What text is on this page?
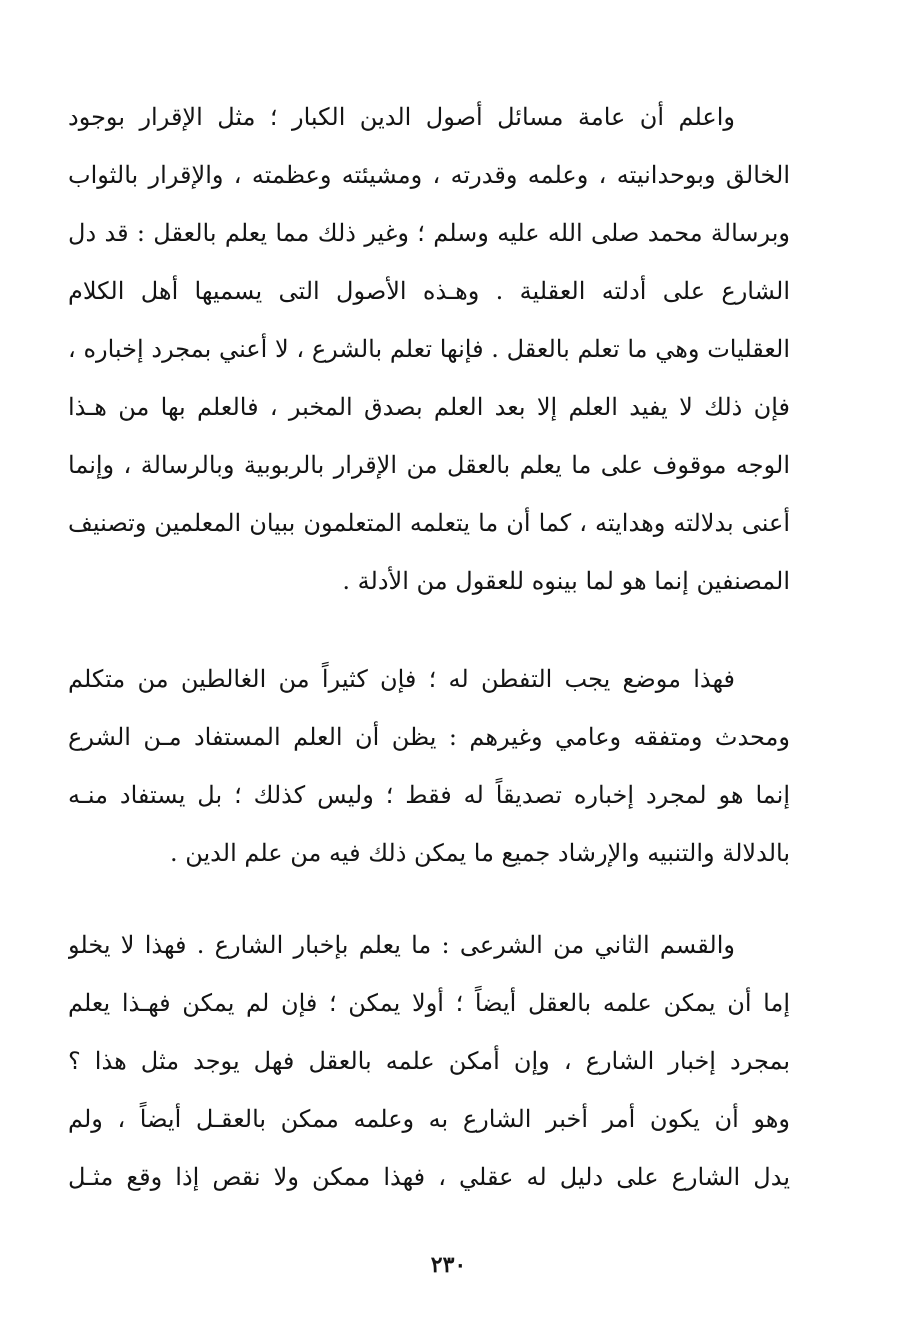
واعلم أن عامة مسائل أصول الدين الكبار ؛ مثل الإقرار بوجود
الخالق وبوحدانيته ، وعلمه وقدرته ، ومشيئته وعظمته ، والإقرار بالثواب
وبرسالة محمد صلى الله عليه وسلم ؛ وغير ذلك مما يعلم بالعقل : قد دل
الشارع على أدلته العقلية . وهـذه الأصول التى يسميها أهل الكلام
العقليات وهي ما تعلم بالعقل . فإنها تعلم بالشرع ، لا أعني بمجرد إخباره ،
فإن ذلك لا يفيد العلم إلا بعد العلم بصدق المخبر ، فالعلم بها من هـذا
الوجه موقوف على ما يعلم بالعقل من الإقرار بالربوبية وبالرسالة ، وإنما
أعنى بدلالته وهدايته ، كما أن ما يتعلمه المتعلمون ببيان المعلمين وتصنيف
المصنفين إنما هو لما بينوه للعقول من الأدلة .
فهذا موضع يجب التفطن له ؛ فإن كثيراً من الغالطين من متكلم
ومحدث ومتفقه وعامي وغيرهم : يظن أن العلم المستفاد مـن الشرع
إنما هو لمجرد إخباره تصديقاً له فقط ؛ وليس كذلك ؛ بل يستفاد منـه
بالدلالة والتنبيه والإرشاد جميع ما يمكن ذلك فيه من علم الدين .
والقسم الثاني من الشرعى : ما يعلم بإخبار الشارع . فهذا لا يخلو
إما أن يمكن علمه بالعقل أيضاً ؛ أولا يمكن ؛ فإن لم يمكن فهـذا يعلم
بمجرد إخبار الشارع ، وإن أمكن علمه بالعقل فهل يوجد مثل هذا ؟
وهو أن يكون أمر أخبر الشارع به وعلمه ممكن بالعقـل أيضاً ، ولم
يدل الشارع على دليل له عقلي ، فهذا ممكن ولا نقص إذا وقع مثـل
٢٣٠
